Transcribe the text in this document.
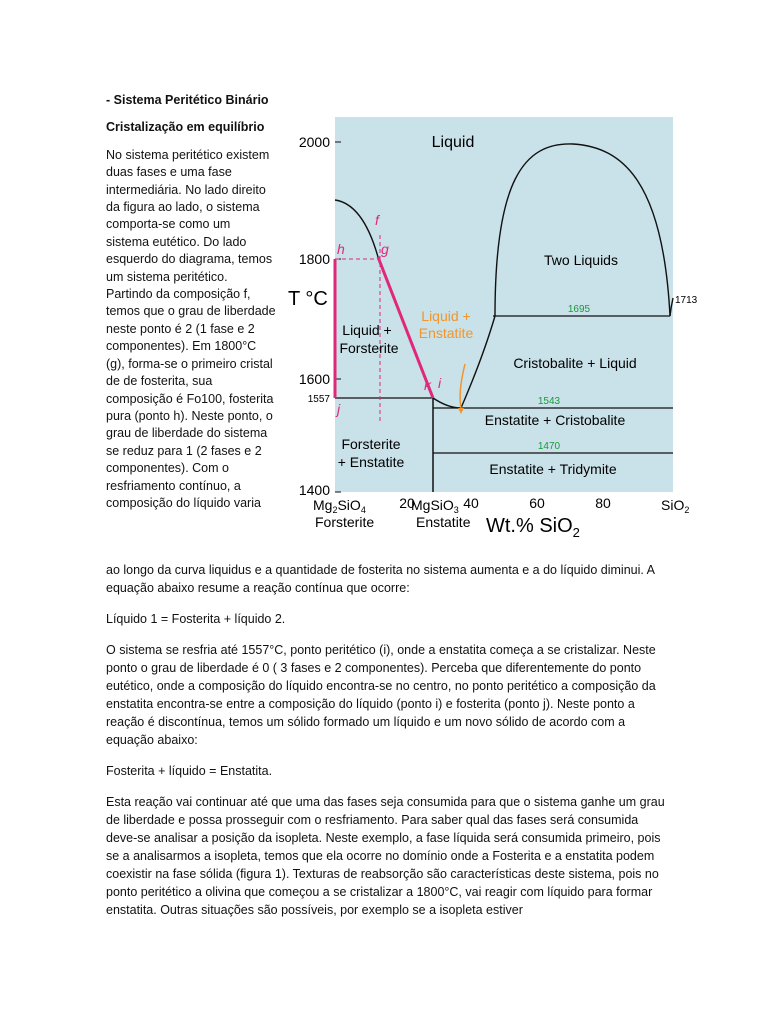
- Sistema Peritético Binário

Cristalização em equilíbrio

No sistema peritético existem duas fases e uma fase intermediária. No lado direito da figura ao lado, o sistema comporta-se como um sistema eutético. Do lado esquerdo do diagrama, temos um sistema peritético. Partindo da composição f, temos que o grau de liberdade neste ponto é 2 (1 fase e 2 componentes). Em 1800°C (g), forma-se o primeiro cristal de de fosterita, sua composição é Fo100, fosterita pura (ponto h). Neste ponto, o grau de liberdade do sistema se reduz para 1 (2 fases e 2 componentes). Com o resfriamento contínuo, a composição do líquido varia

2000
1800
1600
1400
1557
T °C
f
g
h
i
j
k
Liquid
Two Liquids
Liquid +
Forsterite
Liquid +
Enstatite
Cristobalite + Liquid
Enstatite + Cristobalite
Forsterite
+ Enstatite	Enstatite + Tridymite
1695
1543
1470
1713
20	40	60	80
$Mg_2SiO_4$
Forsterite
MgSiO$_3$
Enstatite
SiO$_2$
Wt.% SiO$_2$

ao longo da curva liquidus e a quantidade de fosterita no sistema aumenta e a do líquido diminui. A equação abaixo resume a reação contínua que ocorre:

Líquido 1 = Fosterita + líquido 2.

O sistema se resfria até 1557°C, ponto peritético (i), onde a enstatita começa a se cristalizar. Neste ponto o grau de liberdade é 0 ( 3 fases e 2 componentes). Perceba que diferentemente do ponto eutético, onde a composição do líquido encontra-se no centro, no ponto peritético a composição da enstatita encontra-se entre a composição do líquido (ponto i) e fosterita (ponto j). Neste ponto a reação é discontínua, temos um sólido formado um líquido e um novo sólido de acordo com a equação abaixo:

Fosterita + líquido = Enstatita.

Esta reação vai continuar até que uma das fases seja consumida para que o sistema ganhe um grau de liberdade e possa prosseguir com o resfriamento. Para saber qual das fases será consumida deve-se analisar a posição da isopleta. Neste exemplo, a fase líquida será consumida primeiro, pois se a analisarmos a isopleta, temos que ela ocorre no domínio onde a Fosterita e a enstatita podem coexistir na fase sólida (figura 1). Texturas de reabsorção são características deste sistema, pois no ponto peritético a olivina que começou a se cristalizar a 1800°C, vai reagir com líquido para formar enstatita. Outras situações são possíveis, por exemplo se a isopleta estiver
